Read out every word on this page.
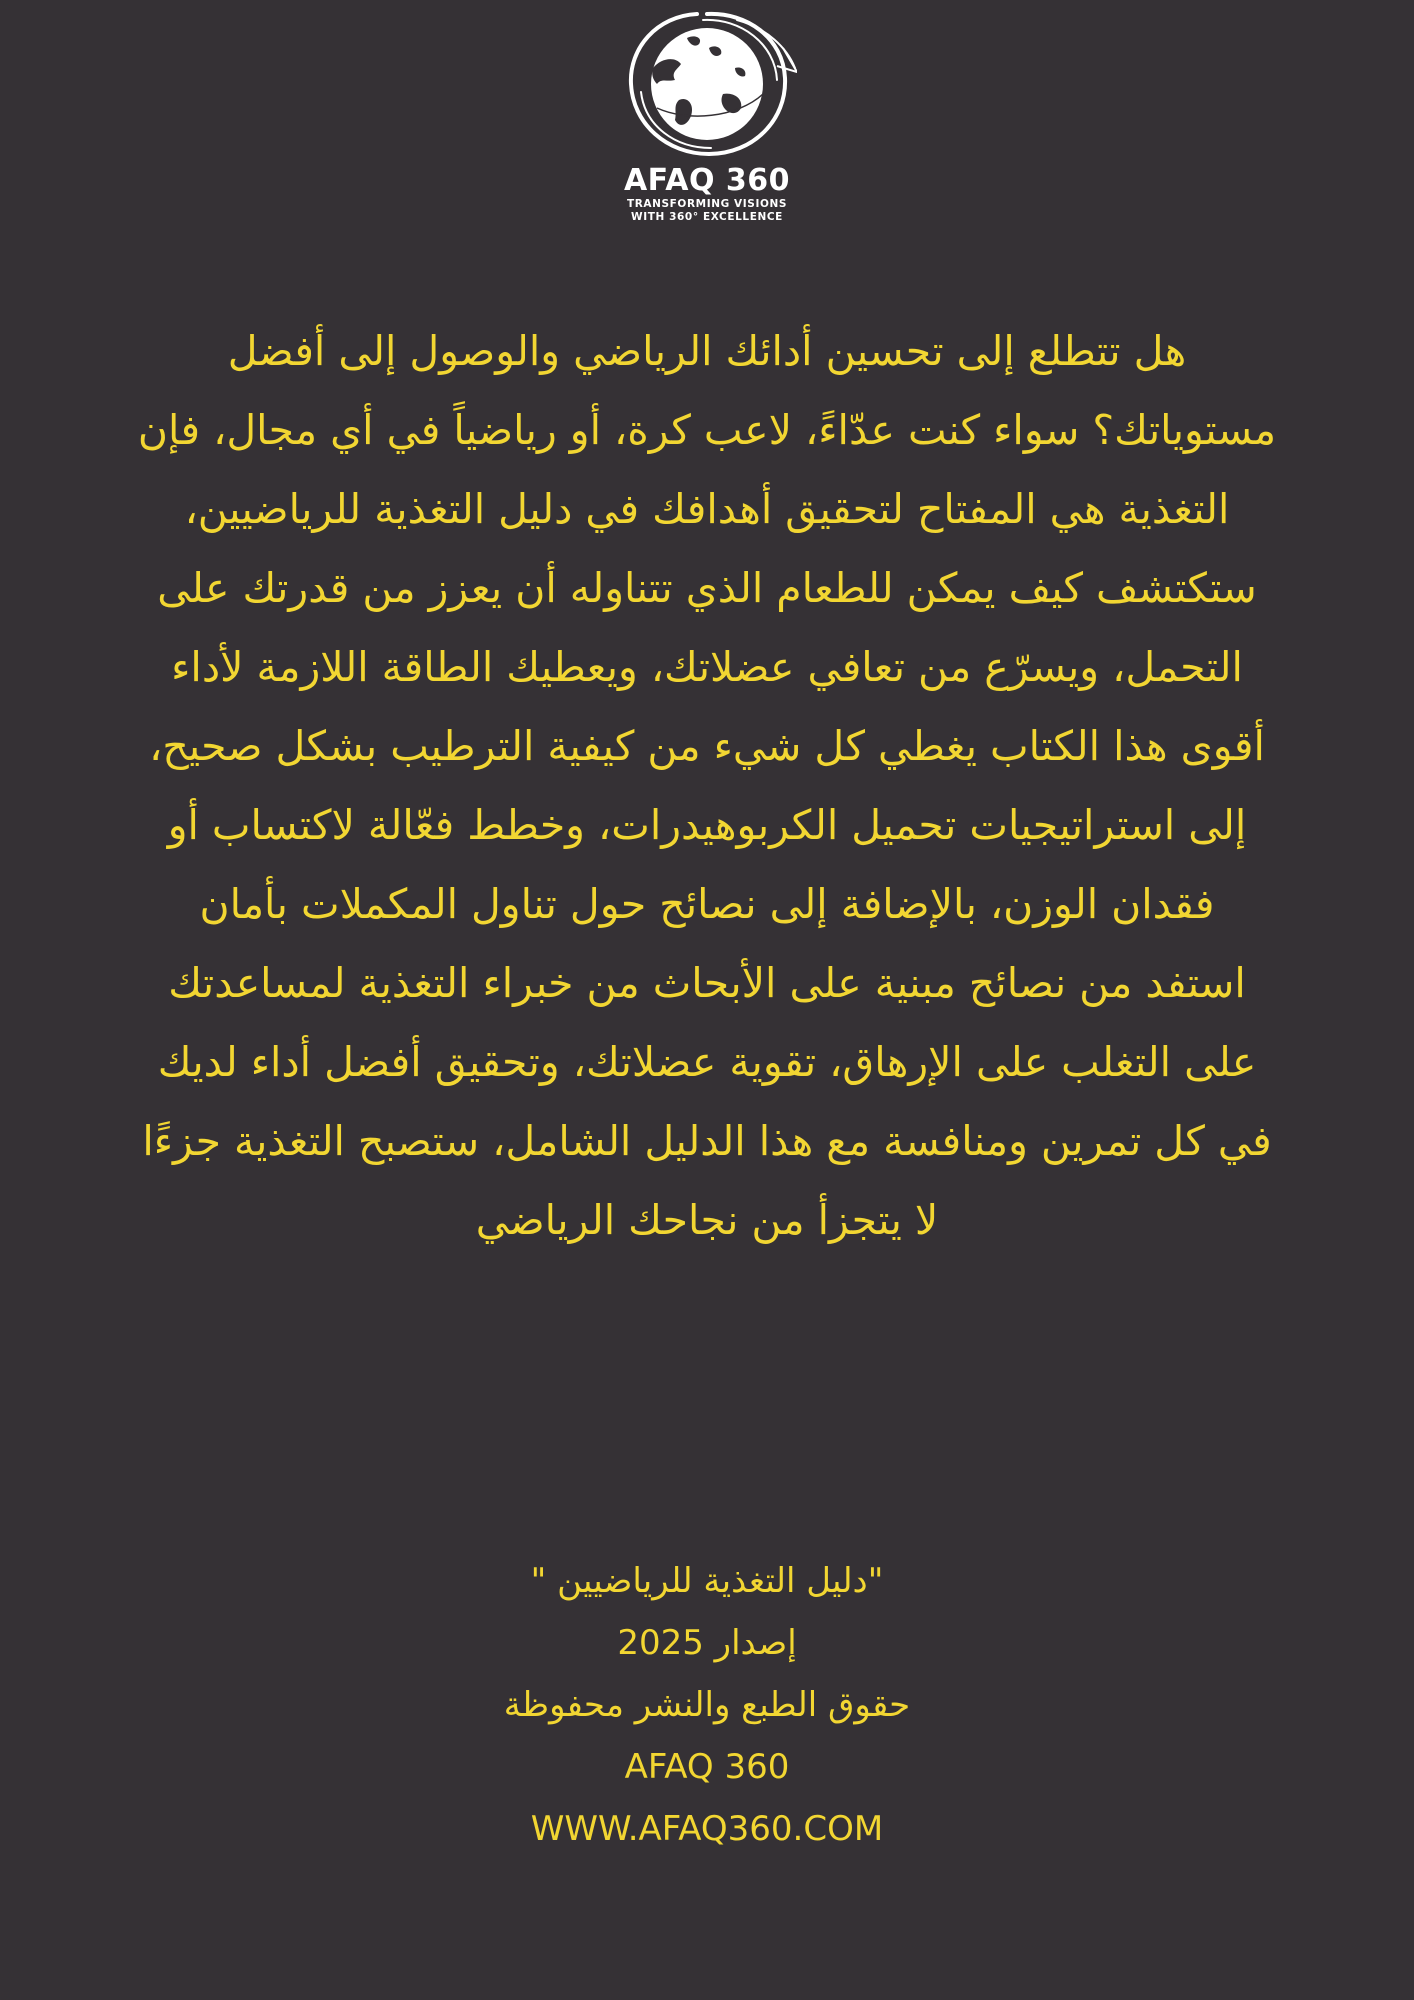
AFAQ 360
TRANSFORMING VISIONS
WITH 360° EXCELLENCE

هل تتطلع إلى تحسين أدائك الرياضي والوصول إلى أفضل مستوياتك؟ سواء كنت عدّاءً، لاعب كرة، أو رياضياً في أي مجال، فإن التغذية هي المفتاح لتحقيق أهدافك في دليل التغذية للرياضيين، ستكتشف كيف يمكن للطعام الذي تتناوله أن يعزز من قدرتك على التحمل، ويسرّع من تعافي عضلاتك، ويعطيك الطاقة اللازمة لأداء أقوى هذا الكتاب يغطي كل شيء من كيفية الترطيب بشكل صحيح، إلى استراتيجيات تحميل الكربوهيدرات، وخطط فعّالة لاكتساب أو فقدان الوزن، بالإضافة إلى نصائح حول تناول المكملات بأمان

استفد من نصائح مبنية على الأبحاث من خبراء التغذية لمساعدتك على التغلب على الإرهاق، تقوية عضلاتك، وتحقيق أفضل أداء لديك في كل تمرين ومنافسة مع هذا الدليل الشامل، ستصبح التغذية جزءًا لا يتجزأ من نجاحك الرياضي

"دليل التغذية للرياضيين "
إصدار 2025
حقوق الطبع والنشر محفوظة
AFAQ 360
WWW.AFAQ360.COM
